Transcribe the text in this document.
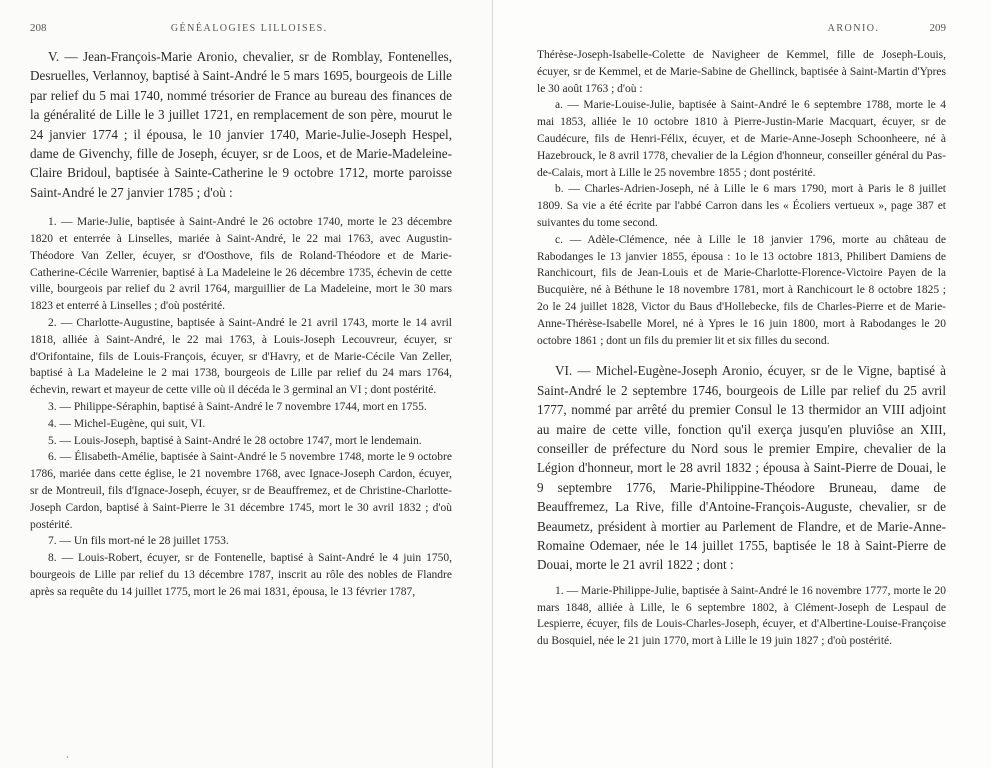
208	GÉNÉALOGIES LILLOISES.

V. — Jean-François-Marie Aronio, chevalier, sr de Romblay, Fontenelles, Desruelles, Verlannoy, baptisé à Saint-André le 5 mars 1695, bourgeois de Lille par relief du 5 mai 1740, nommé trésorier de France au bureau des finances de la généralité de Lille le 3 juillet 1721, en remplacement de son père, mourut le 24 janvier 1774 ; il épousa, le 10 janvier 1740, Marie-Julie-Joseph Hespel, dame de Givenchy, fille de Joseph, écuyer, sr de Loos, et de Marie-Madeleine-Claire Bridoul, baptisée à Sainte-Catherine le 9 octobre 1712, morte paroisse Saint-André le 27 janvier 1785 ; d'où :

1. — Marie-Julie, baptisée à Saint-André le 26 octobre 1740, morte le 23 décembre 1820 et enterrée à Linselles, mariée à Saint-André, le 22 mai 1763, avec Augustin-Théodore Van Zeller, écuyer, sr d'Oosthove, fils de Roland-Théodore et de Marie-Catherine-Cécile Warrenier, baptisé à La Madeleine le 26 décembre 1735, échevin de cette ville, bourgeois par relief du 2 avril 1764, marguillier de La Madeleine, mort le 30 mars 1823 et enterré à Linselles ; d'où postérité.

2. — Charlotte-Augustine, baptisée à Saint-André le 21 avril 1743, morte le 14 avril 1818, alliée à Saint-André, le 22 mai 1763, à Louis-Joseph Lecouvreur, écuyer, sr d'Orifontaine, fils de Louis-François, écuyer, sr d'Havry, et de Marie-Cécile Van Zeller, baptisé à La Madeleine le 2 mai 1738, bourgeois de Lille par relief du 24 mars 1764, échevin, rewart et mayeur de cette ville où il décéda le 3 germinal an VI ; dont postérité.

3. — Philippe-Séraphin, baptisé à Saint-André le 7 novembre 1744, mort en 1755.

4. — Michel-Eugène, qui suit, VI.

5. — Louis-Joseph, baptisé à Saint-André le 28 octobre 1747, mort le lendemain.

6. — Élisabeth-Amélie, baptisée à Saint-André le 5 novembre 1748, morte le 9 octobre 1786, mariée dans cette église, le 21 novembre 1768, avec Ignace-Joseph Cardon, écuyer, sr de Montreuil, fils d'Ignace-Joseph, écuyer, sr de Beauffremez, et de Christine-Charlotte-Joseph Cardon, baptisé à Saint-Pierre le 31 décembre 1745, mort le 30 avril 1832 ; d'où postérité.

7. — Un fils mort-né le 28 juillet 1753.

8. — Louis-Robert, écuyer, sr de Fontenelle, baptisé à Saint-André le 4 juin 1750, bourgeois de Lille par relief du 13 décembre 1787, inscrit au rôle des nobles de Flandre après sa requête du 14 juillet 1775, mort le 26 mai 1831, épousa, le 13 février 1787,

ARONIO.	209

Thérèse-Joseph-Isabelle-Colette de Navigheer de Kemmel, fille de Joseph-Louis, écuyer, sr de Kemmel, et de Marie-Sabine de Ghellinck, baptisée à Saint-Martin d'Ypres le 30 août 1763 ; d'où :

a. — Marie-Louise-Julie, baptisée à Saint-André le 6 septembre 1788, morte le 4 mai 1853, alliée le 10 octobre 1810 à Pierre-Justin-Marie Macquart, écuyer, sr de Caudécure, fils de Henri-Félix, écuyer, et de Marie-Anne-Joseph Schoonheere, né à Hazebrouck, le 8 avril 1778, chevalier de la Légion d'honneur, conseiller général du Pas-de-Calais, mort à Lille le 25 novembre 1855 ; dont postérité.

b. — Charles-Adrien-Joseph, né à Lille le 6 mars 1790, mort à Paris le 8 juillet 1809. Sa vie a été écrite par l'abbé Carron dans les « Écoliers vertueux », page 387 et suivantes du tome second.

c. — Adèle-Clémence, née à Lille le 18 janvier 1796, morte au château de Rabodanges le 13 janvier 1855, épousa : 1o le 13 octobre 1813, Philibert Damiens de Ranchicourt, fils de Jean-Louis et de Marie-Charlotte-Florence-Victoire Payen de la Bucquière, né à Béthune le 18 novembre 1781, mort à Ranchicourt le 8 octobre 1825 ; 2o le 24 juillet 1828, Victor du Baus d'Hollebecke, fils de Charles-Pierre et de Marie-Anne-Thérèse-Isabelle Morel, né à Ypres le 16 juin 1800, mort à Rabodanges le 20 octobre 1861 ; dont un fils du premier lit et six filles du second.

VI. — Michel-Eugène-Joseph Aronio, écuyer, sr de le Vigne, baptisé à Saint-André le 2 septembre 1746, bourgeois de Lille par relief du 25 avril 1777, nommé par arrêté du premier Consul le 13 thermidor an VIII adjoint au maire de cette ville, fonction qu'il exerça jusqu'en pluviôse an XIII, conseiller de préfecture du Nord sous le premier Empire, chevalier de la Légion d'honneur, mort le 28 avril 1832 ; épousa à Saint-Pierre de Douai, le 9 septembre 1776, Marie-Philippine-Théodore Bruneau, dame de Beauffremez, La Rive, fille d'Antoine-François-Auguste, chevalier, sr de Beaumetz, président à mortier au Parlement de Flandre, et de Marie-Anne-Romaine Odemaer, née le 14 juillet 1755, baptisée le 18 à Saint-Pierre de Douai, morte le 21 avril 1822 ; dont :

1. — Marie-Philippe-Julie, baptisée à Saint-André le 16 novembre 1777, morte le 20 mars 1848, alliée à Lille, le 6 septembre 1802, à Clément-Joseph de Lespaul de Lespierre, écuyer, fils de Louis-Charles-Joseph, écuyer, et d'Albertine-Louise-Françoise du Bosquiel, née le 21 juin 1770, mort à Lille le 19 juin 1827 ; d'où postérité.

ˎ
